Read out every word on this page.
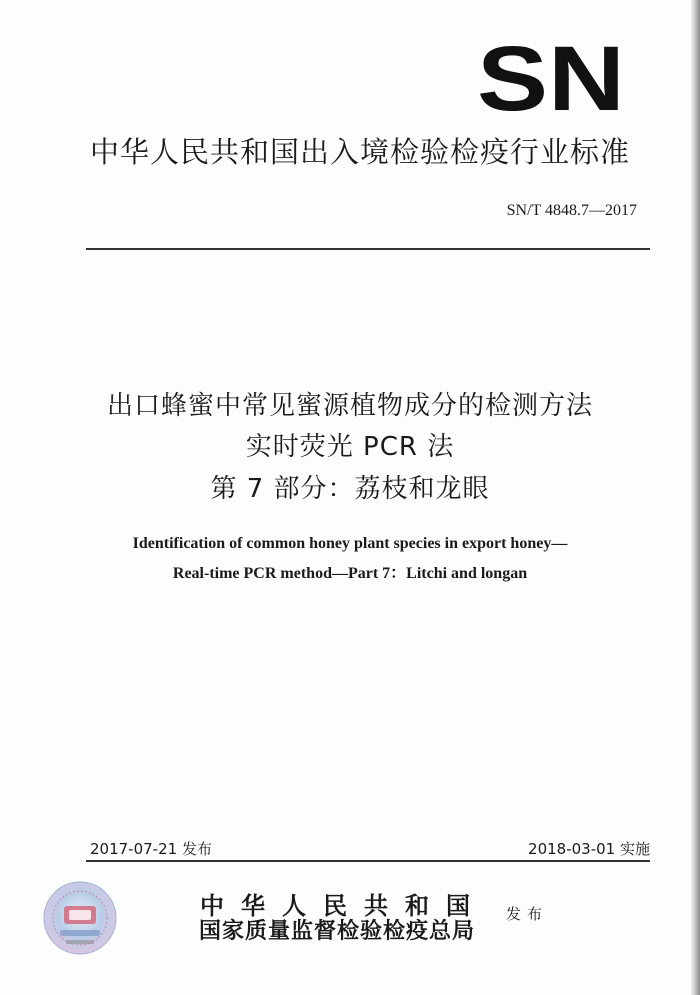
SN
中华人民共和国出入境检验检疫行业标准
SN/T 4848.7—2017
出口蜂蜜中常见蜜源植物成分的检测方法
实时荧光 PCR 法
第 7 部分：荔枝和龙眼
Identification of common honey plant species in export honey—
Real-time PCR method—Part 7：Litchi and longan
2017-07-21 发布	2018-03-01 实施
中华人民共和国
国家质量监督检验检疫总局
发布
